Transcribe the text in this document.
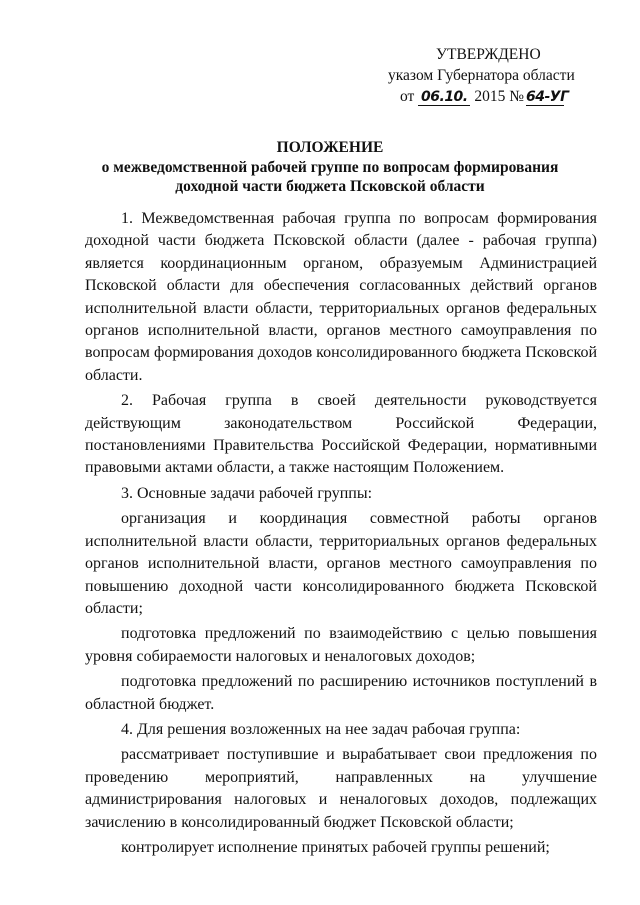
УТВЕРЖДЕНО
указом Губернатора области
от 06.10. 2015 № 64-УГ
ПОЛОЖЕНИЕ
о межведомственной рабочей группе по вопросам формирования
доходной части бюджета Псковской области

1. Межведомственная рабочая группа по вопросам формирования доходной части бюджета Псковской области (далее - рабочая группа) является координационным органом, образуемым Администрацией Псковской области для обеспечения согласованных действий органов исполнительной власти области, территориальных органов федеральных органов исполнительной власти, органов местного самоуправления по вопросам формирования доходов консолидированного бюджета Псковской области.

2. Рабочая группа в своей деятельности руководствуется действующим законодательством Российской Федерации, постановлениями Правительства Российской Федерации, нормативными правовыми актами области, а также настоящим Положением.

3. Основные задачи рабочей группы:

организация и координация совместной работы органов исполнительной власти области, территориальных органов федеральных органов исполнительной власти, органов местного самоуправления по повышению доходной части консолидированного бюджета Псковской области;

подготовка предложений по взаимодействию с целью повышения уровня собираемости налоговых и неналоговых доходов;

подготовка предложений по расширению источников поступлений в областной бюджет.

4. Для решения возложенных на нее задач рабочая группа:

рассматривает поступившие и вырабатывает свои предложения по проведению мероприятий, направленных на улучшение администрирования налоговых и неналоговых доходов, подлежащих зачислению в консолидированный бюджет Псковской области;

контролирует исполнение принятых рабочей группы решений;
